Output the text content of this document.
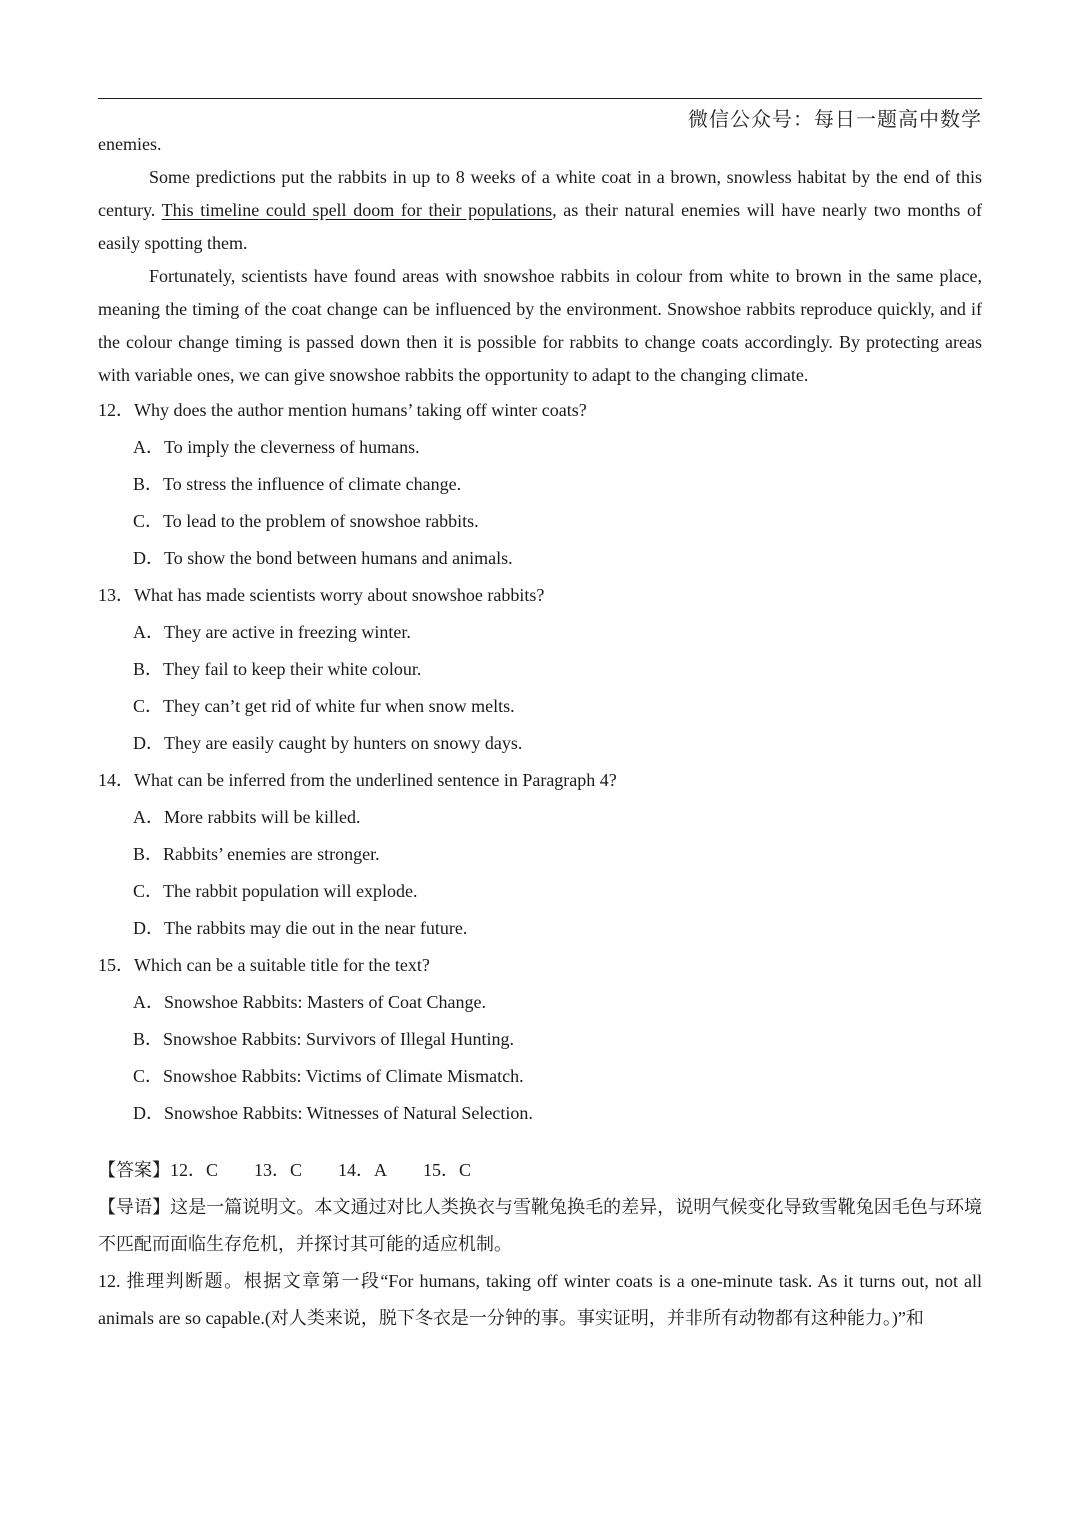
微信公众号：每日一题高中数学

enemies.

Some predictions put the rabbits in up to 8 weeks of a white coat in a brown, snowless habitat by the end of this century. This timeline could spell doom for their populations, as their natural enemies will have nearly two months of easily spotting them.

Fortunately, scientists have found areas with snowshoe rabbits in colour from white to brown in the same place, meaning the timing of the coat change can be influenced by the environment. Snowshoe rabbits reproduce quickly, and if the colour change timing is passed down then it is possible for rabbits to change coats accordingly. By protecting areas with variable ones, we can give snowshoe rabbits the opportunity to adapt to the changing climate.

12．Why does the author mention humans’ taking off winter coats?

A．To imply the cleverness of humans.

B．To stress the influence of climate change.

C．To lead to the problem of snowshoe rabbits.

D．To show the bond between humans and animals.

13．What has made scientists worry about snowshoe rabbits?

A．They are active in freezing winter.

B．They fail to keep their white colour.

C．They can’t get rid of white fur when snow melts.

D．They are easily caught by hunters on snowy days.

14．What can be inferred from the underlined sentence in Paragraph 4?

A．More rabbits will be killed.

B．Rabbits’ enemies are stronger.

C．The rabbit population will explode.

D．The rabbits may die out in the near future.

15．Which can be a suitable title for the text?

A．Snowshoe Rabbits: Masters of Coat Change.

B．Snowshoe Rabbits: Survivors of Illegal Hunting.

C．Snowshoe Rabbits: Victims of Climate Mismatch.

D．Snowshoe Rabbits: Witnesses of Natural Selection.

【答案】12．C 13．C 14．A 15．C

【导语】这是一篇说明文。本文通过对比人类换衣与雪靴兔换毛的差异，说明气候变化导致雪靴兔因毛色与环境不匹配而面临生存危机，并探讨其可能的适应机制。

12. 推理判断题。根据文章第一段“For humans, taking off winter coats is a one-minute task. As it turns out, not all animals are so capable.(对人类来说，脱下冬衣是一分钟的事。事实证明，并非所有动物都有这种能力。)”和
